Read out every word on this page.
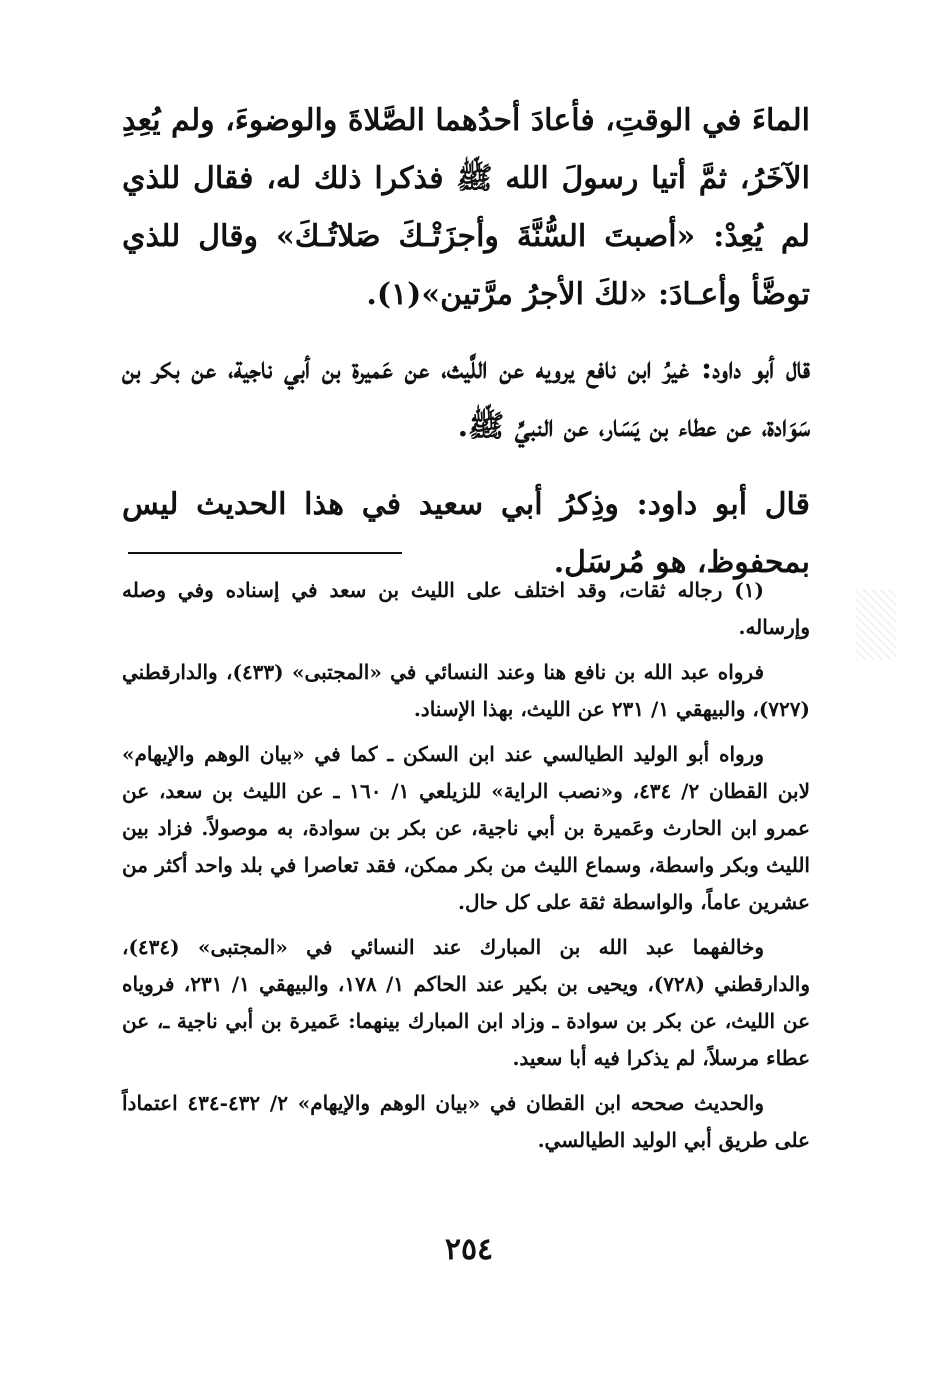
الماءَ في الوقتِ، فأعادَ أحدُهما الصَّلاةَ والوضوءَ، ولم يُعِدِ الآخَرُ، ثمَّ أتيا رسولَ الله ﷺ فذكرا ذلك له، فقال للذي لم يُعِدْ: «أصبتَ السُّنَّةَ وأجزَتْـكَ صَلاتُـكَ» وقال للذي توضَّأ وأعـادَ: «لكَ الأجرُ مرَّتين»(١).

قال أبو داود: غيرُ ابن نافع يرويه عن اللَّيث، عن عَميرة بن أبي ناجية، عن بكر بن سَوَادة، عن عطاء بن يَسَار، عن النبيِّ ﷺ.

قال أبو داود: وذِكرُ أبي سعيد في هذا الحديث ليس بمحفوظ، هو مُرسَل.

(١) رجاله ثقات، وقد اختلف على الليث بن سعد في إسناده وفي وصله وإرساله.

فرواه عبد الله بن نافع هنا وعند النسائي في «المجتبى» (٤٣٣)، والدارقطني (٧٢٧)، والبيهقي ١/ ٢٣١ عن الليث، بهذا الإسناد.

ورواه أبو الوليد الطيالسي عند ابن السكن ـ كما في «بيان الوهم والإيهام» لابن القطان ٢/ ٤٣٤، و«نصب الراية» للزيلعي ١/ ١٦٠ ـ عن الليث بن سعد، عن عمرو ابن الحارث وعَميرة بن أبي ناجية، عن بكر بن سوادة، به موصولاً. فزاد بين الليث وبكر واسطة، وسماع الليث من بكر ممكن، فقد تعاصرا في بلد واحد أكثر من عشرين عاماً، والواسطة ثقة على كل حال.

وخالفهما عبد الله بن المبارك عند النسائي في «المجتبى» (٤٣٤)، والدارقطني (٧٢٨)، ويحيى بن بكير عند الحاكم ١/ ١٧٨، والبيهقي ١/ ٢٣١، فروياه عن الليث، عن بكر بن سوادة ـ وزاد ابن المبارك بينهما: عَميرة بن أبي ناجية ـ، عن عطاء مرسلاً، لم يذكرا فيه أبا سعيد.

والحديث صححه ابن القطان في «بيان الوهم والإيهام» ٢/ ٤٣٢-٤٣٤ اعتماداً على طريق أبي الوليد الطيالسي.

٢٥٤
